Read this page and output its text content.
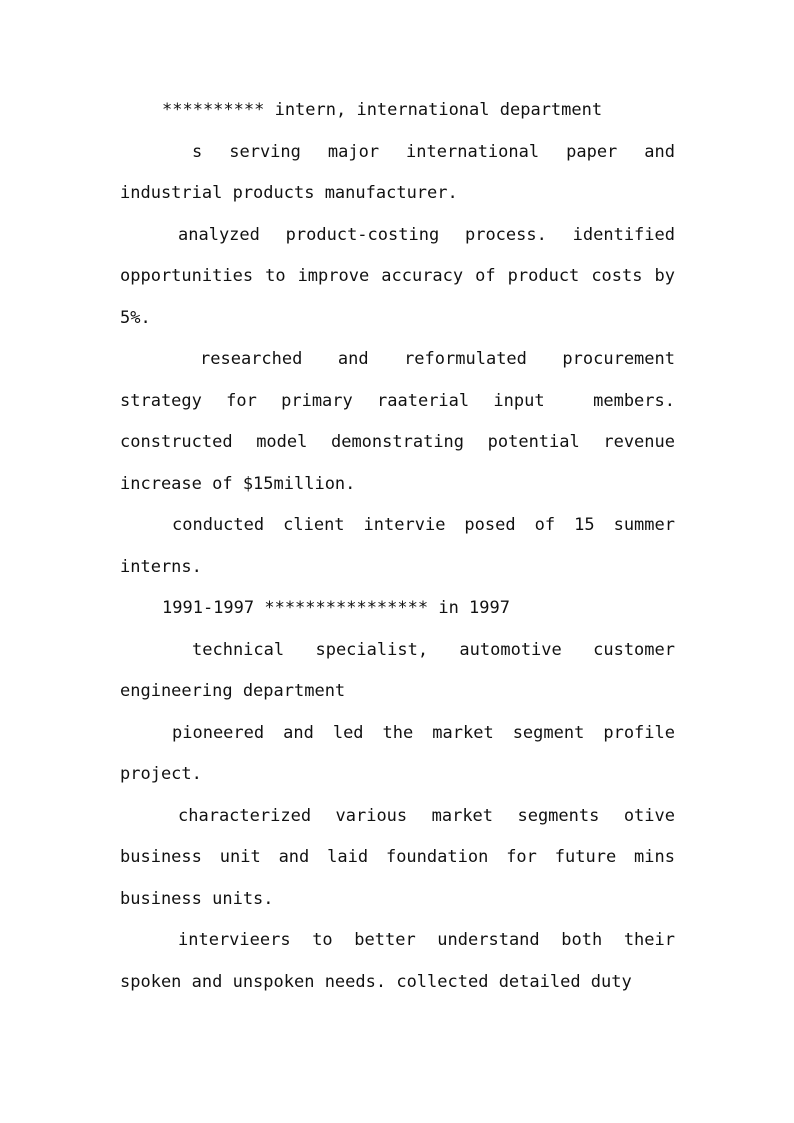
********** intern, international department

s serving major international paper and industrial products manufacturer.

analyzed product-costing process. identified opportunities to improve accuracy of product costs by 5%.

researched and reformulated procurement strategy for primary raaterial input  members. constructed model demonstrating potential revenue increase of $15million.

conducted client intervie posed of 15 summer interns.

1991-1997 **************** in 1997

technical specialist, automotive customer engineering department

pioneered and led the market segment profile project.

characterized various market segments otive business unit and laid foundation for future mins business units.

intervieers to better understand both their spoken and unspoken needs. collected detailed duty
